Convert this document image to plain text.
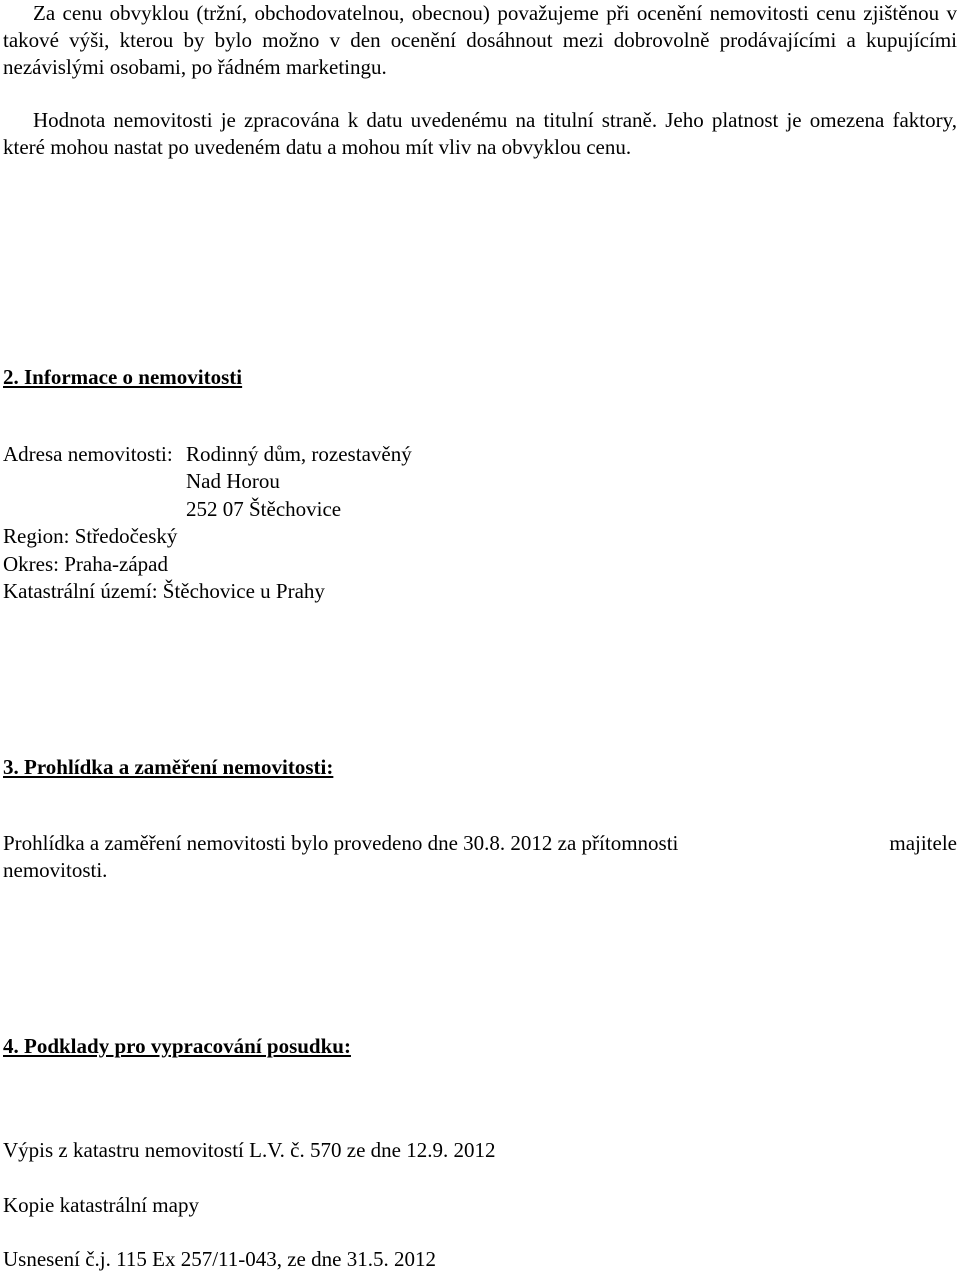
Za cenu obvyklou (tržní, obchodovatelnou, obecnou) považujeme při ocenění nemovitosti cenu zjištěnou v takové výši, kterou by bylo možno v den ocenění dosáhnout mezi dobrovolně prodávajícími a kupujícími nezávislými osobami, po řádném marketingu.
Hodnota nemovitosti je zpracována k datu uvedenému na titulní straně. Jeho platnost je omezena faktory, které mohou nastat po uvedeném datu a mohou mít vliv na obvyklou cenu.
2. Informace o nemovitosti
Adresa nemovitosti: Rodinný dům, rozestavěný
Nad Horou
252 07 Štěchovice
Region: Středočeský
Okres: Praha-západ
Katastrální území: Štěchovice u Prahy
3. Prohlídka a zaměření nemovitosti:
Prohlídka a zaměření nemovitosti bylo provedeno dne 30.8. 2012 za přítomnosti	majitele
nemovitosti.
4. Podklady pro vypracování posudku:
Výpis z katastru nemovitostí L.V. č. 570 ze dne 12.9. 2012
Kopie katastrální mapy
Usnesení č.j. 115 Ex 257/11-043, ze dne 31.5. 2012
